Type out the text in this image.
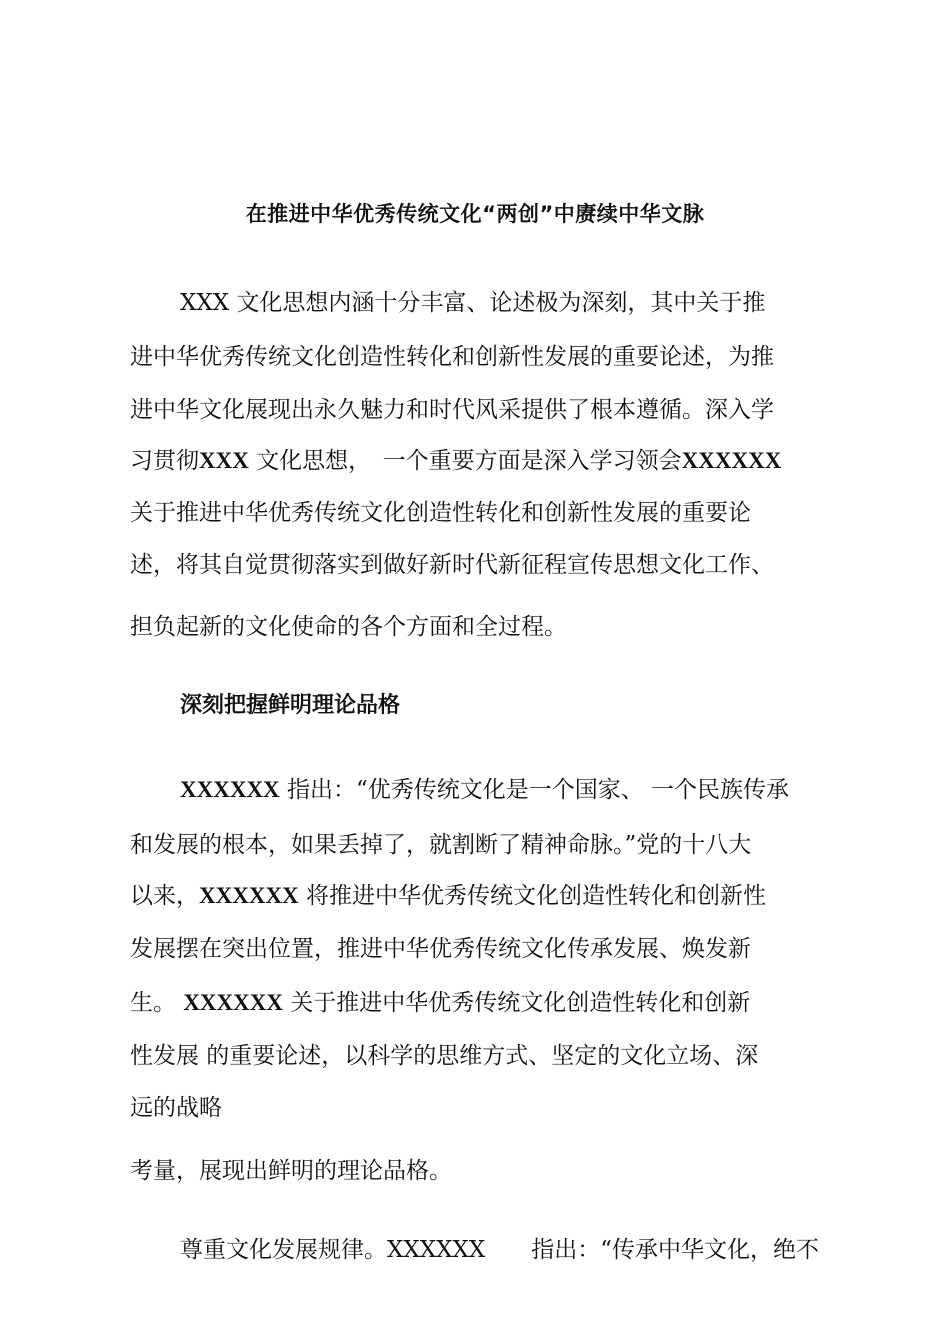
在推进中华优秀传统文化“两创”中赓续中华文脉
XXX 文化思想内涵十分丰富、论述极为深刻，其中关于推
进中华优秀传统文化创造性转化和创新性发展的重要论述，为推
进中华文化展现出永久魅力和时代风采提供了根本遵循。深入学
习贯彻XXX 文化思想，　一个重要方面是深入学习领会XXXXXX
关于推进中华优秀传统文化创造性转化和创新性发展的重要论
述，将其自觉贯彻落实到做好新时代新征程宣传思想文化工作、
担负起新的文化使命的各个方面和全过程。
深刻把握鲜明理论品格
XXXXXX 指出：“优秀传统文化是一个国家、 一个民族传承
和发展的根本，如果丢掉了，就割断了精神命脉。”党的十八大
以来，XXXXXX 将推进中华优秀传统文化创造性转化和创新性
发展摆在突出位置，推进中华优秀传统文化传承发展、焕发新
生。 XXXXXX 关于推进中华优秀传统文化创造性转化和创新
性发展 的重要论述，以科学的思维方式、坚定的文化立场、深
远的战略
考量，展现出鲜明的理论品格。
尊重文化发展规律。XXXXXX　　指出：“传承中华文化，绝不
